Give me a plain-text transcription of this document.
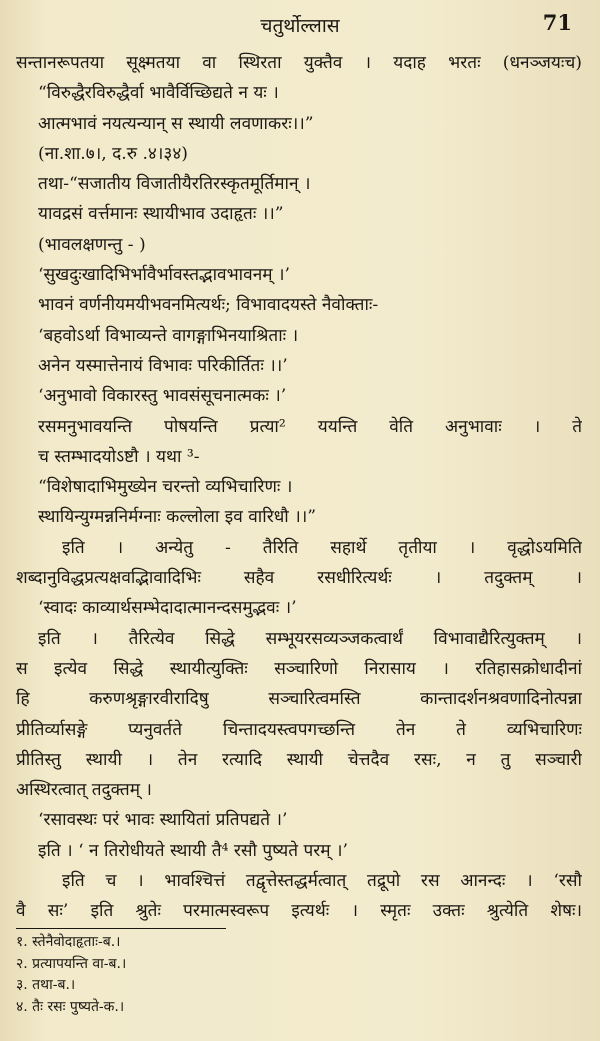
चतुर्थोल्लास	71
सन्तानरूपतया सूक्ष्मतया वा स्थिरता युक्तैव । यदाह भरतः (धनञ्जयःच)
“विरुद्धैरविरुद्धैर्वा भावैर्विच्छिद्यते न यः ।
आत्मभावं नयत्यन्यान् स स्थायी लवणाकरः।।”
(ना.शा.७।, द.रु .४।३४)
तथा-“सजातीय विजातीयैरतिरस्कृतमूर्तिमान् ।
यावद्रसं वर्त्तमानः स्थायीभाव उदाहृतः ।।”
(भावलक्षणन्तु - )
‘सुखदुःखादिभिर्भावैर्भावस्तद्भावभावनम् ।’
भावनं वर्णनीयमयीभवनमित्यर्थः; विभावादयस्ते नैवोक्ताः-
‘बहवोऽर्था विभाव्यन्ते वागङ्गाभिनयाश्रिताः ।
अनेन यस्मात्तेनायं विभावः परिकीर्तितः ।।’
‘अनुभावो विकारस्तु भावसंसूचनात्मकः ।’
रसमनुभावयन्ति पोषयन्ति प्रत्या² ययन्ति वेति अनुभावाः । ते
च स्तम्भादयोऽष्टौ । यथा ³-
“विशेषादाभिमुख्येन चरन्तो व्यभिचारिणः ।
स्थायिन्युग्मन्ननिर्मग्नाः कल्लोला इव वारिधौ ।।”
इति । अन्येतु - तैरिति सहार्थे तृतीया । वृद्धोऽयमिति
शब्दानुविद्धप्रत्यक्षवद्भिावादिभिः सहैव रसधीरित्यर्थः । तदुक्तम् ।
‘स्वादः काव्यार्थसम्भेदादात्मानन्दसमुद्भवः ।’
इति । तैरित्येव सिद्धे सम्भूयरसव्यञ्जकत्वार्थं विभावाद्यैरित्युक्तम् ।
स इत्येव सिद्धे स्थायीत्युक्तिः सञ्चारिणो निरासाय । रतिहासक्रोधादीनां
हि करुणश्रृङ्गारवीरादिषु सञ्चारित्वमस्ति कान्तादर्शनश्रवणादिनोत्पन्ना
प्रीतिर्व्यासङ्गे प्यनुवर्तते चिन्तादयस्त्वपगच्छन्ति तेन ते व्यभिचारिणः
प्रीतिस्तु स्थायी । तेन रत्यादि स्थायी चेत्तदैव रसः, न तु सञ्चारी
अस्थिरत्वात् तदुक्तम् ।
‘रसावस्थः परं भावः स्थायितां प्रतिपद्यते ।’
इति । ‘ न तिरोधीयते स्थायी तै⁴ रसौ पुष्यते परम् ।’
इति च । भावश्चित्तं तद्वृत्तेस्तद्धर्मत्वात् तद्रूपो रस आनन्दः । ‘रसौ
वै सः’ इति श्रुतेः परमात्मस्वरूप इत्यर्थः । स्मृतः उक्तः श्रुत्येति शेषः।
१. स्तेनैवोदाहृताः-ब.।
२. प्रत्यापयन्ति वा-ब.।
३. तथा-ब.।
४. तैः रसः पुष्यते-क.।
